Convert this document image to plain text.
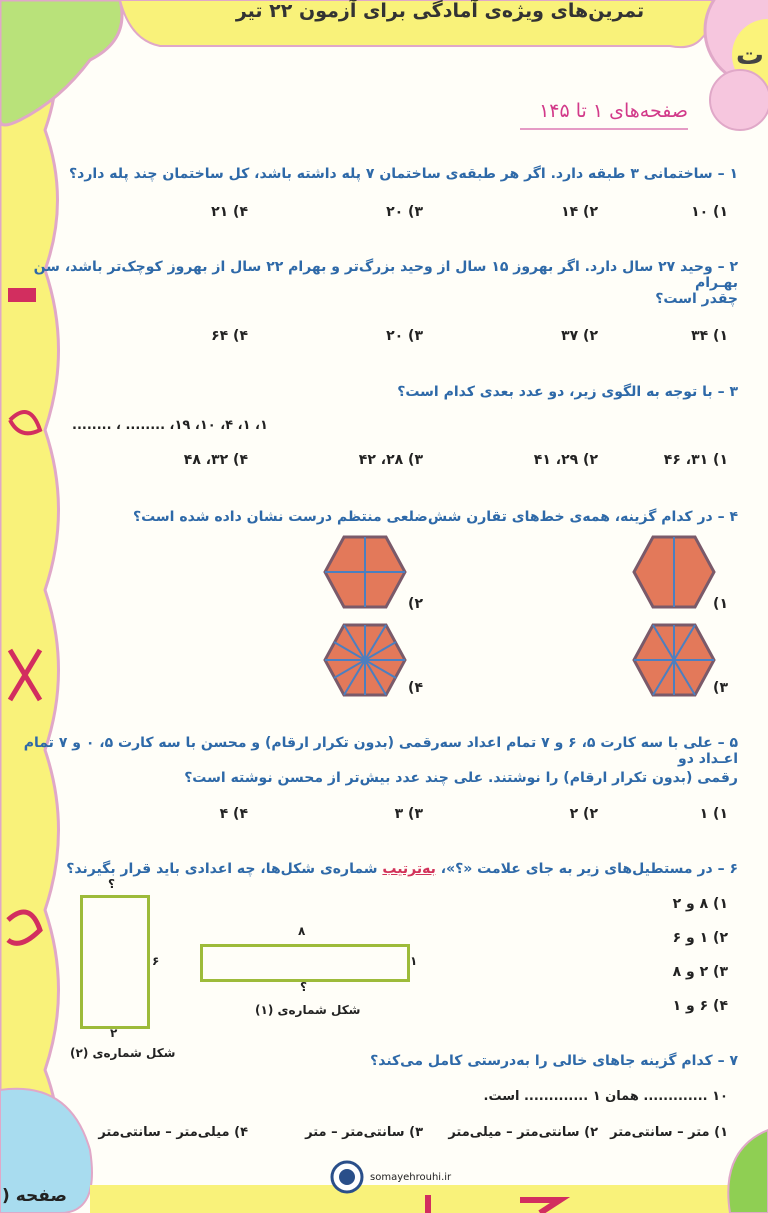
تمرین‌های ویژه‌ی آمادگی برای آزمون ۲۲ تیر
ت
صفحه‌های ۱ تا ۱۴۵
۱ – ساختمانی ۳ طبقه دارد. اگر هر طبقه‌ی ساختمان ۷ پله داشته باشد، کل ساختمان چند پله دارد؟
۱) ۱۰
۲) ۱۴
۳) ۲۰
۴) ۲۱
۲ – وحید ۲۷ سال دارد. اگر بهروز ۱۵ سال از وحید بزرگ‌تر و بهرام ۲۲ سال از بهروز کوچک‌تر باشد، سن بهـرام
چقدر است؟
۱) ۳۴
۲) ۳۷
۳) ۲۰
۴) ۶۴
۳ – با توجه به الگوی زیر، دو عدد بعدی کدام است؟
۱، ۱، ۴، ۱۰، ۱۹، ........ ، ........
۱) ۳۱، ۴۶
۲) ۲۹، ۴۱
۳) ۲۸، ۴۲
۴) ۳۲، ۴۸
۴ – در کدام گزینه، همه‌ی خط‌های تقارن شش‌ضلعی منتظم درست نشان داده شده است؟
۱)
۲)
۳)
۴)
۵ – علی با سه کارت ۵، ۶ و ۷ تمام اعداد سه‌رقمی (بدون تکرار ارقام) و محسن با سه کارت ۵، ۰ و ۷ تمام اعـداد دو
رقمی (بدون تکرار ارقام) را نوشتند. علی چند عدد بیش‌تر از محسن نوشته است؟
۱) ۱
۲) ۲
۳) ۳
۴) ۴
۶ – در مستطیل‌های زیر به جای علامت «؟»، به‌ترتیب شماره‌ی شکل‌ها، چه اعدادی باید قرار بگیرند؟
۱) ۸ و ۲
۲) ۱ و ۶
۳) ۲ و ۸
۴) ۶ و ۱
۸
؟
۱
شکل شماره‌ی (۱)
؟
۲
۶
شکل شماره‌ی (۲)	۷ – کدام گزینه جاهای خالی را به‌درستی کامل می‌کند؟
۱۰ ............. همان ۱ ............. است.
۱) متر – سانتی‌متر
۲) سانتی‌متر – میلی‌متر
۳) سانتی‌متر – متر
۴) میلی‌متر – سانتی‌متر
somayehrouhi.ir
صفحه (
